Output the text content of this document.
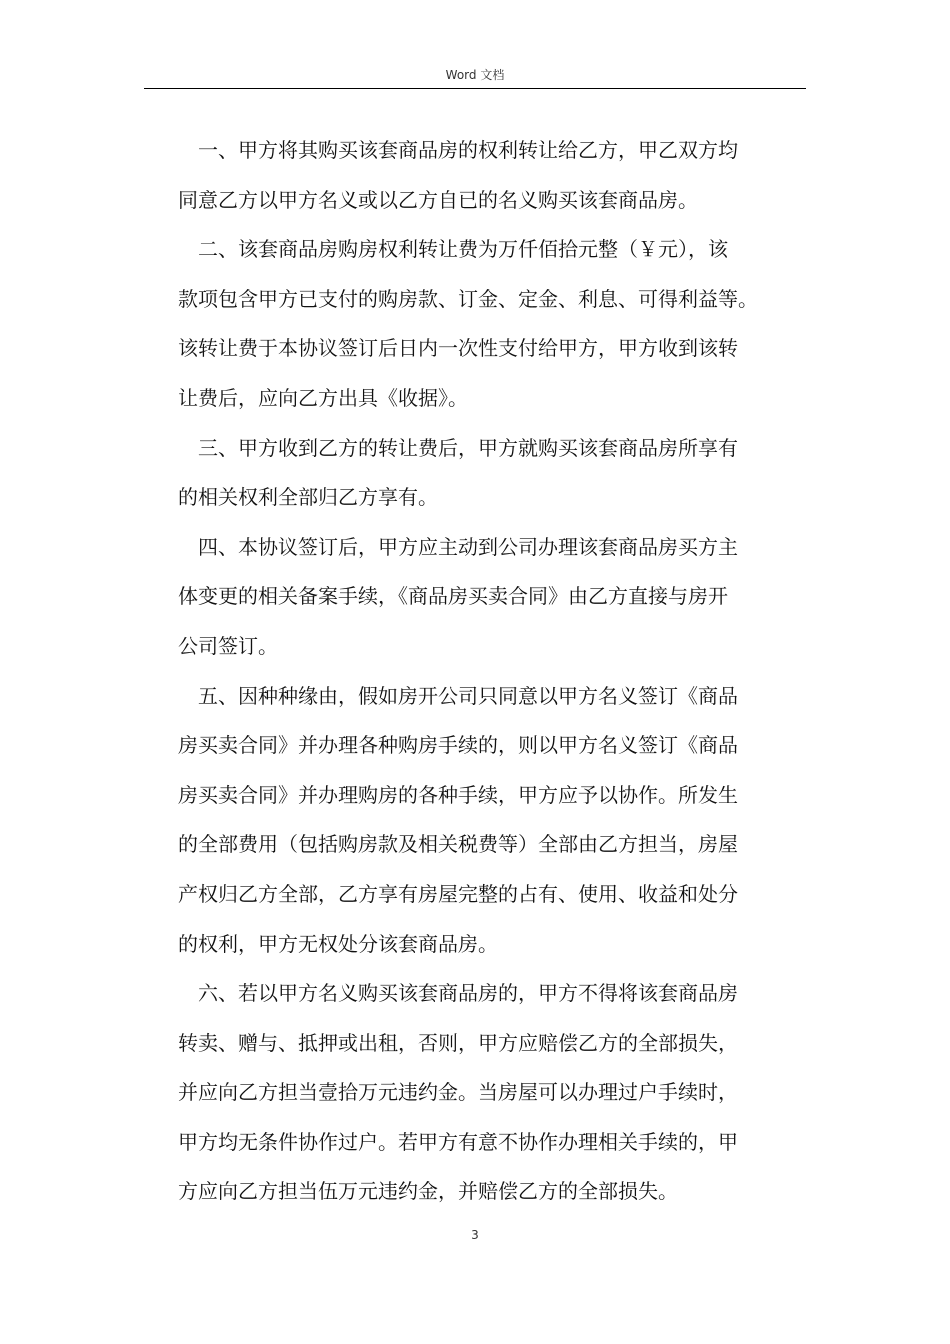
Word 文档
一、甲方将其购买该套商品房的权利转让给乙方，甲乙双方均
同意乙方以甲方名义或以乙方自已的名义购买该套商品房。
二、该套商品房购房权利转让费为万仟佰拾元整（￥元），该
款项包含甲方已支付的购房款、订金、定金、利息、可得利益等。
该转让费于本协议签订后日内一次性支付给甲方，甲方收到该转
让费后，应向乙方出具《收据》。
三、甲方收到乙方的转让费后，甲方就购买该套商品房所享有
的相关权利全部归乙方享有。
四、本协议签订后，甲方应主动到公司办理该套商品房买方主
体变更的相关备案手续，《商品房买卖合同》由乙方直接与房开
公司签订。
五、因种种缘由，假如房开公司只同意以甲方名义签订《商品
房买卖合同》并办理各种购房手续的，则以甲方名义签订《商品
房买卖合同》并办理购房的各种手续，甲方应予以协作。所发生
的全部费用（包括购房款及相关税费等）全部由乙方担当，房屋
产权归乙方全部，乙方享有房屋完整的占有、使用、收益和处分
的权利，甲方无权处分该套商品房。
六、若以甲方名义购买该套商品房的，甲方不得将该套商品房
转卖、赠与、抵押或出租，否则，甲方应赔偿乙方的全部损失，
并应向乙方担当壹拾万元违约金。当房屋可以办理过户手续时，
甲方均无条件协作过户。若甲方有意不协作办理相关手续的，甲
方应向乙方担当伍万元违约金，并赔偿乙方的全部损失。
3
